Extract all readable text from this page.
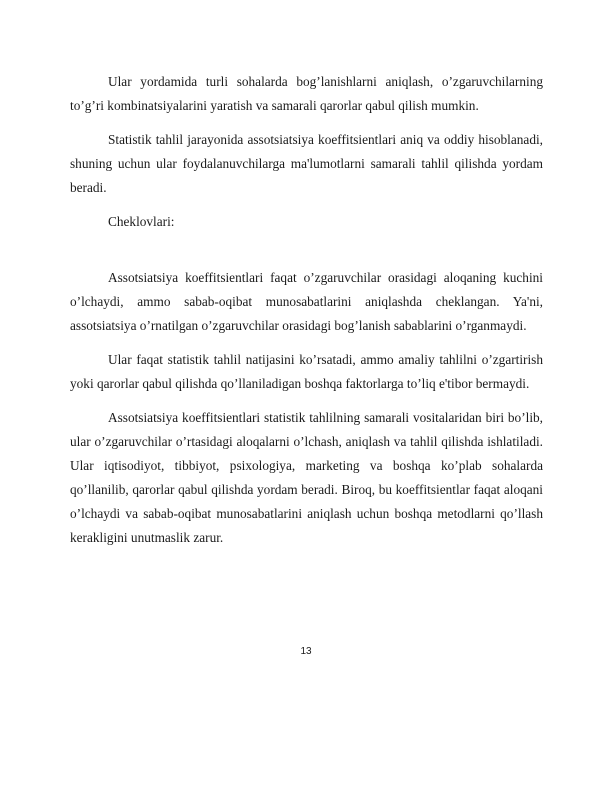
Ular yordamida turli sohalarda bog’lanishlarni aniqlash, o’zgaruvchilarning to’g’ri kombinatsiyalarini yaratish va samarali qarorlar qabul qilish mumkin.

Statistik tahlil jarayonida assotsiatsiya koeffitsientlari aniq va oddiy hisoblanadi, shuning uchun ular foydalanuvchilarga ma'lumotlarni samarali tahlil qilishda yordam beradi.

Cheklovlari:

Assotsiatsiya koeffitsientlari faqat o’zgaruvchilar orasidagi aloqaning kuchini o’lchaydi, ammo sabab-oqibat munosabatlarini aniqlashda cheklangan. Ya'ni, assotsiatsiya o’rnatilgan o’zgaruvchilar orasidagi bog’lanish sabablarini o’rganmaydi.

Ular faqat statistik tahlil natijasini ko’rsatadi, ammo amaliy tahlilni o’zgartirish yoki qarorlar qabul qilishda qo’llaniladigan boshqa faktorlarga to’liq e'tibor bermaydi.

Assotsiatsiya koeffitsientlari statistik tahlilning samarali vositalaridan biri bo’lib, ular o’zgaruvchilar o’rtasidagi aloqalarni o’lchash, aniqlash va tahlil qilishda ishlatiladi. Ular iqtisodiyot, tibbiyot, psixologiya, marketing va boshqa ko’plab sohalarda qo’llanilib, qarorlar qabul qilishda yordam beradi. Biroq, bu koeffitsientlar faqat aloqani o’lchaydi va sabab-oqibat munosabatlarini aniqlash uchun boshqa metodlarni qo’llash kerakligini unutmaslik zarur.

13
